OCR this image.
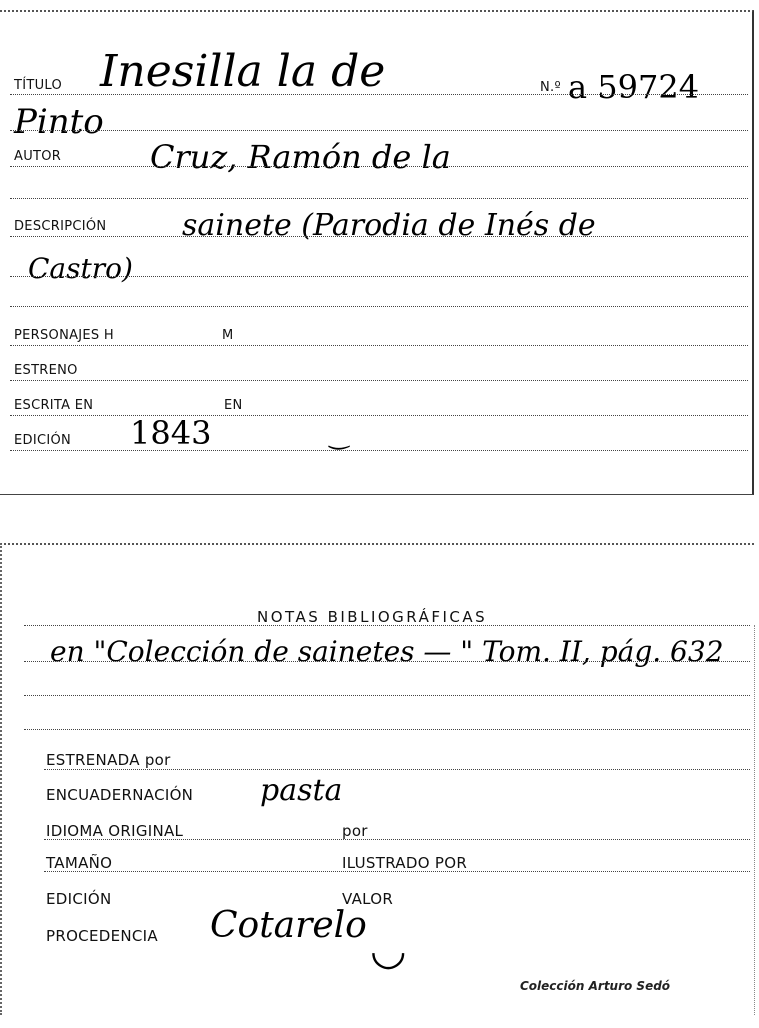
TÍTULO Inesilla la de	N.º a 59724
Pinto
AUTOR	Cruz, Ramón de la
DESCRIPCIÓN	sainete (Parodia de Inés de
Castro)
PERSONAJES H	M
ESTRENO
ESCRITA EN	EN
EDICIÓN 1843	‿
NOTAS BIBLIOGRÁFICAS
en "Colección de sainetes — " Tom. II, pág. 632
ESTRENADA por
ENCUADERNACIÓN pasta
IDIOMA ORIGINAL	por
TAMAÑO	ILUSTRADO POR
EDICIÓN	VALOR
PROCEDENCIA Cotarelo ◡
Colección Arturo Sedó
